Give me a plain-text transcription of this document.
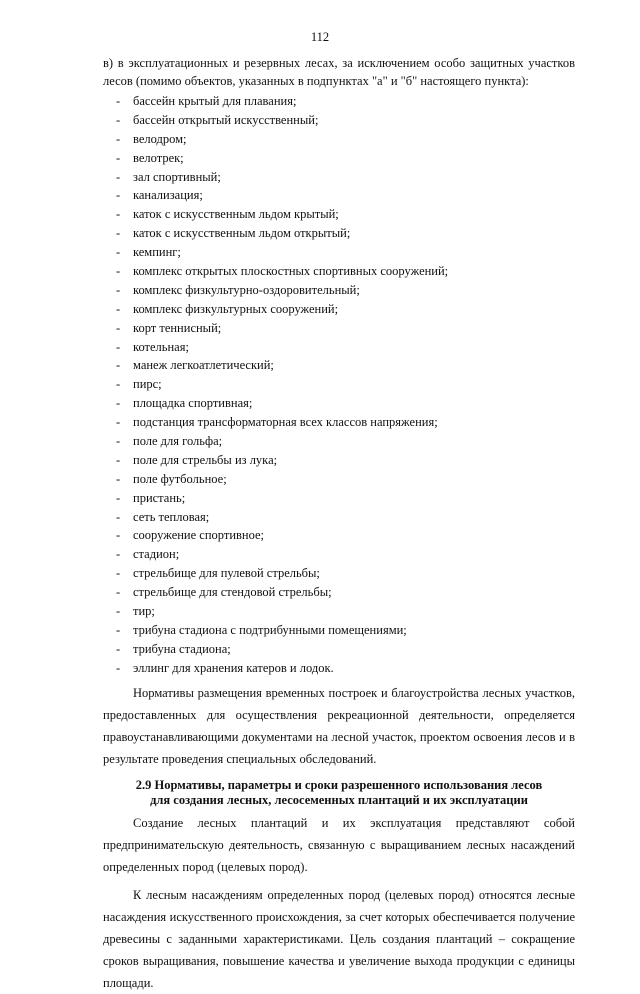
112

в) в эксплуатационных и резервных лесах, за исключением особо защитных участков лесов (помимо объектов, указанных в подпунктах "а" и "б" настоящего пункта):

- бассейн крытый для плавания;
- бассейн открытый искусственный;
- велодром;
- велотрек;
- зал спортивный;
- канализация;
- каток с искусственным льдом крытый;
- каток с искусственным льдом открытый;
- кемпинг;
- комплекс открытых плоскостных спортивных сооружений;
- комплекс физкультурно-оздоровительный;
- комплекс физкультурных сооружений;
- корт теннисный;
- котельная;
- манеж легкоатлетический;
- пирс;
- площадка спортивная;
- подстанция трансформаторная всех классов напряжения;
- поле для гольфа;
- поле для стрельбы из лука;
- поле футбольное;
- пристань;
- сеть тепловая;
- сооружение спортивное;
- стадион;
- стрельбище для пулевой стрельбы;
- стрельбище для стендовой стрельбы;
- тир;
- трибуна стадиона с подтрибунными помещениями;
- трибуна стадиона;
- эллинг для хранения катеров и лодок.

Нормативы размещения временных построек и благоустройства лесных участков, предоставленных для осуществления рекреационной деятельности, определяется правоустанавливающими документами на лесной участок, проектом освоения лесов и в результате проведения специальных обследований.

2.9 Нормативы, параметры и сроки разрешенного использования лесов
для создания лесных, лесосеменных плантаций и их эксплуатации

Создание лесных плантаций и их эксплуатация представляют собой предпринимательскую деятельность, связанную с выращиванием лесных насаждений определенных пород (целевых пород).

К лесным насаждениям определенных пород (целевых пород) относятся лесные насаждения искусственного происхождения, за счет которых обеспечивается получение древесины с заданными характеристиками. Цель создания плантаций – сокращение сроков выращивания, повышение качества и увеличение выхода продукции с единицы площади.
